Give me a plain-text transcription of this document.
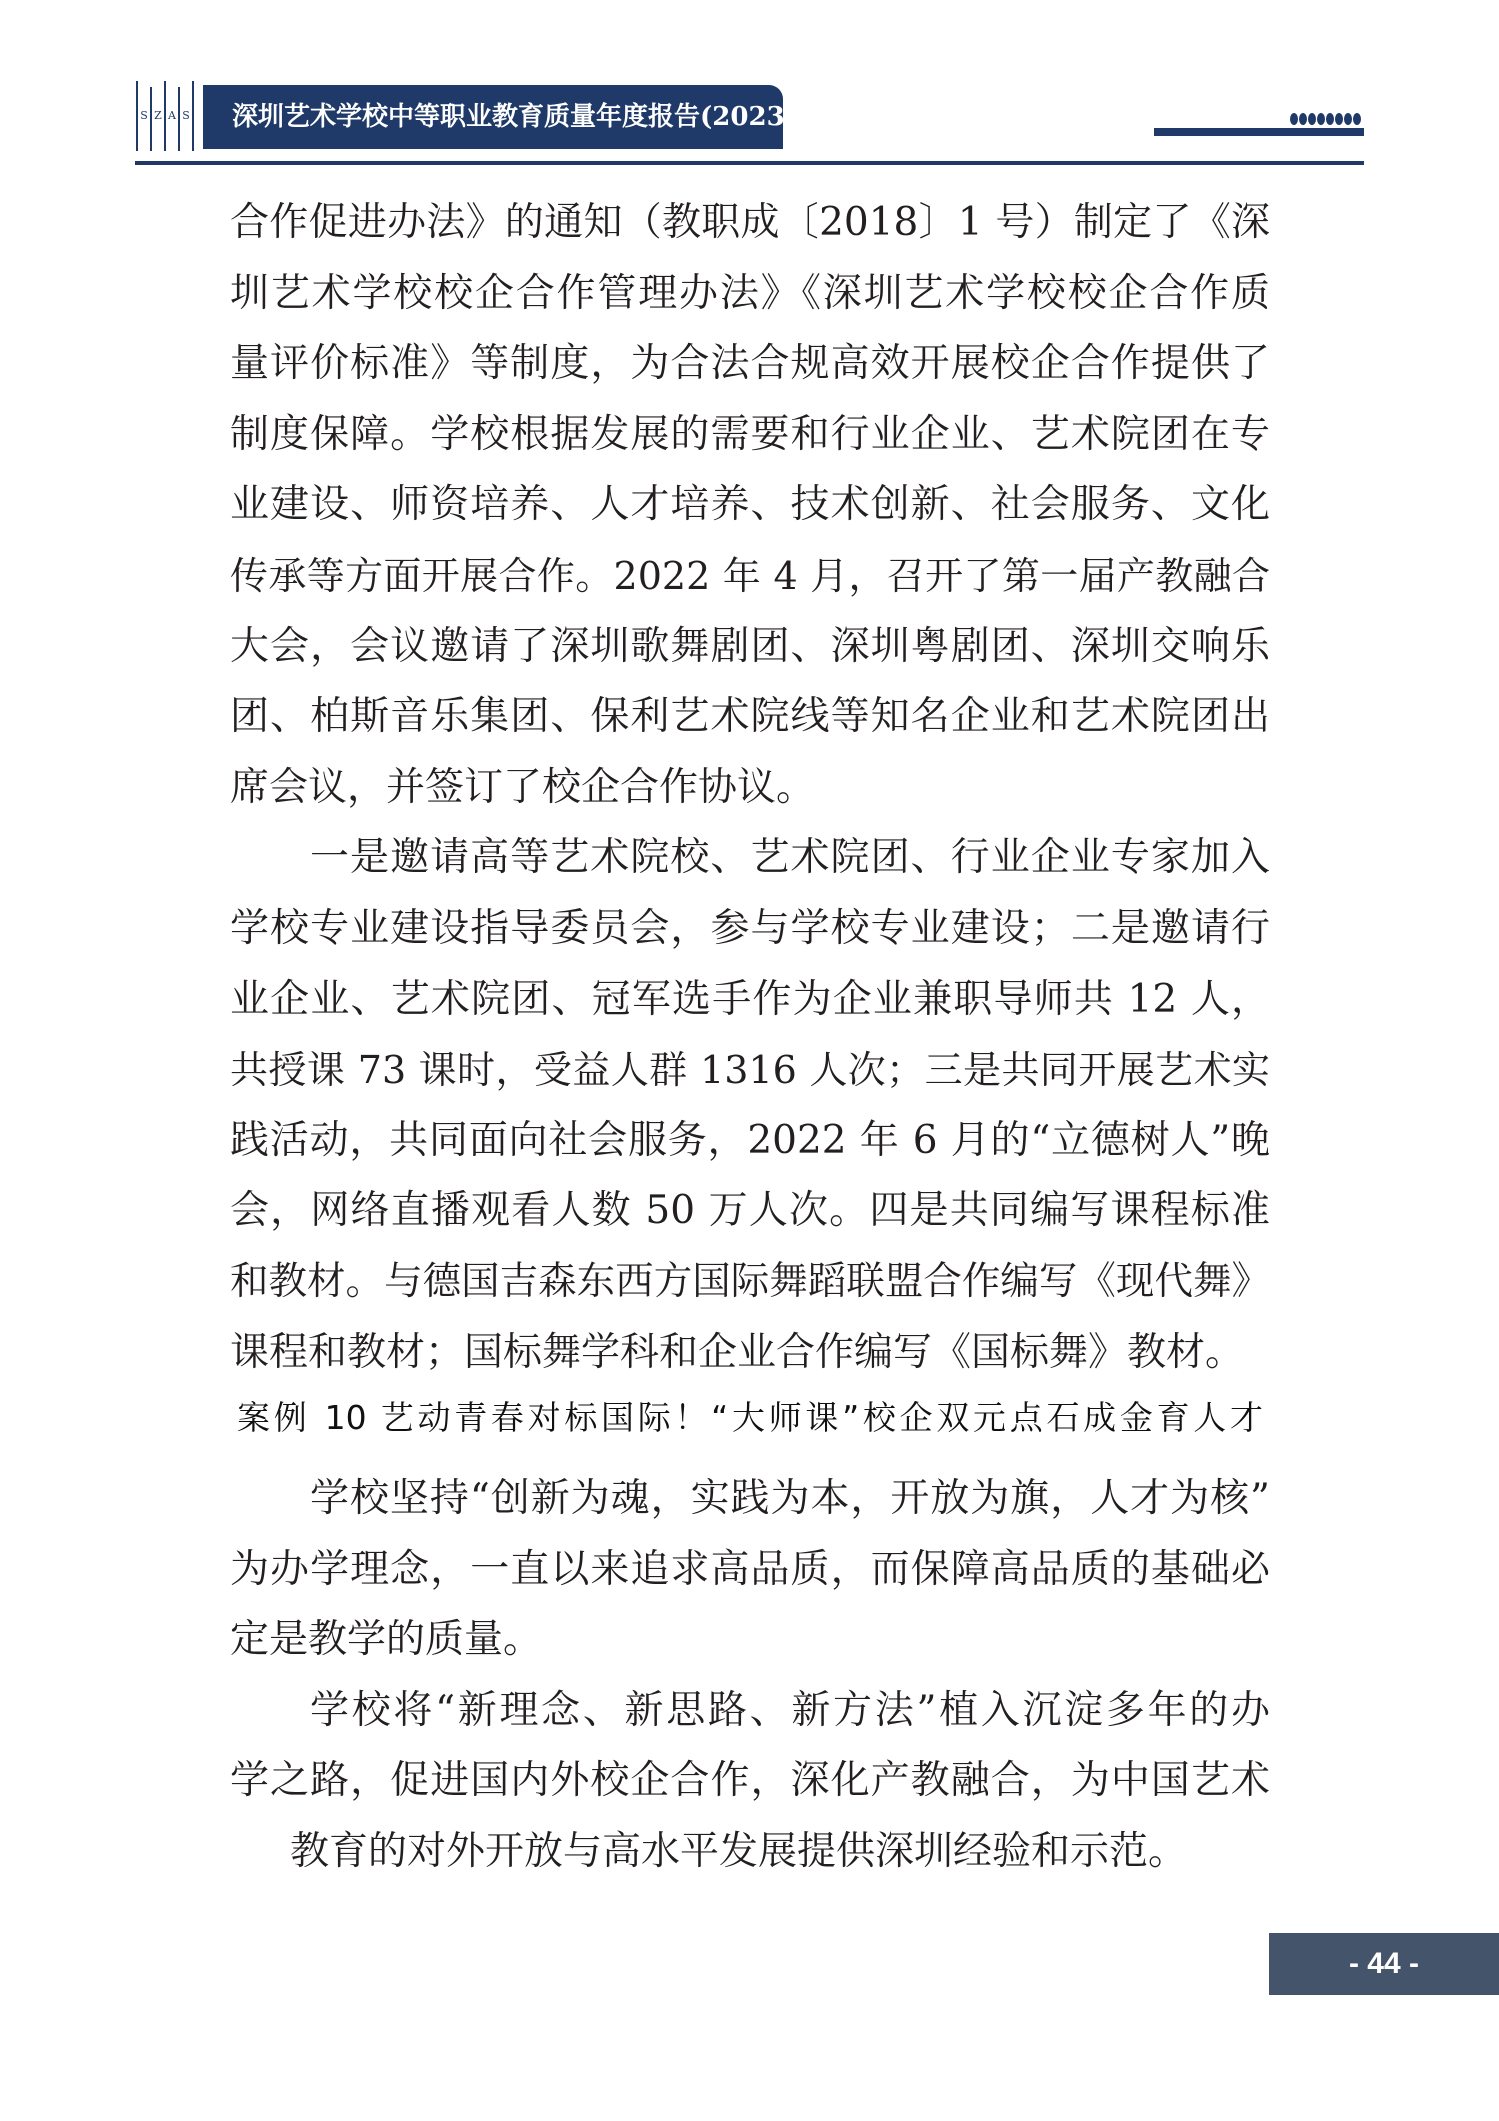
S Z A S 深圳艺术学校中等职业教育质量年度报告(2023)
合作促进办法》的通知（教职成〔2018〕1 号）制定了《深
圳艺术学校校企合作管理办法》《深圳艺术学校校企合作质
量评价标准》等制度，为合法合规高效开展校企合作提供了
制度保障。学校根据发展的需要和行业企业、艺术院团在专
业建设、师资培养、人才培养、技术创新、社会服务、文化
传承等方面开展合作。2022 年 4 月，召开了第一届产教融合
大会，会议邀请了深圳歌舞剧团、深圳粤剧团、深圳交响乐
团、柏斯音乐集团、保利艺术院线等知名企业和艺术院团出
席会议，并签订了校企合作协议。
一是邀请高等艺术院校、艺术院团、行业企业专家加入
学校专业建设指导委员会，参与学校专业建设；二是邀请行
业企业、艺术院团、冠军选手作为企业兼职导师共 12 人，
共授课 73 课时，受益人群 1316 人次；三是共同开展艺术实
践活动，共同面向社会服务，2022 年 6 月的“立德树人”晚
会，网络直播观看人数 50 万人次。四是共同编写课程标准
和教材。与德国吉森东西方国际舞蹈联盟合作编写《现代舞》
课程和教材；国标舞学科和企业合作编写《国标舞》教材。
案例 10 艺动青春对标国际！“大师课”校企双元点石成金育人才
学校坚持“创新为魂，实践为本，开放为旗，人才为核”
为办学理念，一直以来追求高品质，而保障高品质的基础必
定是教学的质量。
学校将“新理念、新思路、新方法”植入沉淀多年的办
学之路，促进国内外校企合作，深化产教融合，为中国艺术
教育的对外开放与高水平发展提供深圳经验和示范。
- 44 -
